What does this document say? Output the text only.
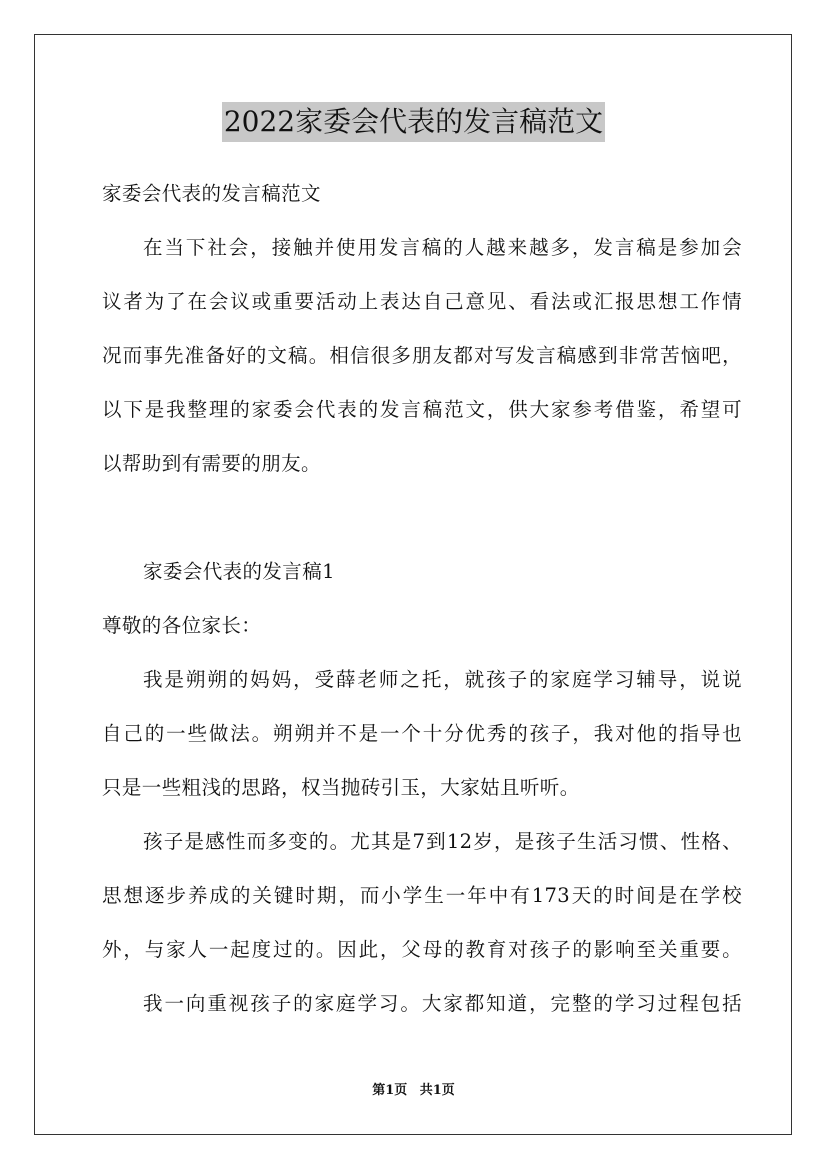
2022家委会代表的发言稿范文
家委会代表的发言稿范文
在当下社会，接触并使用发言稿的人越来越多，发言稿是参加会
议者为了在会议或重要活动上表达自己意见、看法或汇报思想工作情
况而事先准备好的文稿。相信很多朋友都对写发言稿感到非常苦恼吧，
以下是我整理的家委会代表的发言稿范文，供大家参考借鉴，希望可
以帮助到有需要的朋友。
家委会代表的发言稿1
尊敬的各位家长：
我是朔朔的妈妈，受薛老师之托，就孩子的家庭学习辅导，说说
自己的一些做法。朔朔并不是一个十分优秀的孩子，我对他的指导也
只是一些粗浅的思路，权当抛砖引玉，大家姑且听听。
孩子是感性而多变的。尤其是7到12岁，是孩子生活习惯、性格、
思想逐步养成的关键时期，而小学生一年中有173天的时间是在学校
外，与家人一起度过的。因此，父母的教育对孩子的影响至关重要。
我一向重视孩子的家庭学习。大家都知道，完整的学习过程包括
第1页 共1页
